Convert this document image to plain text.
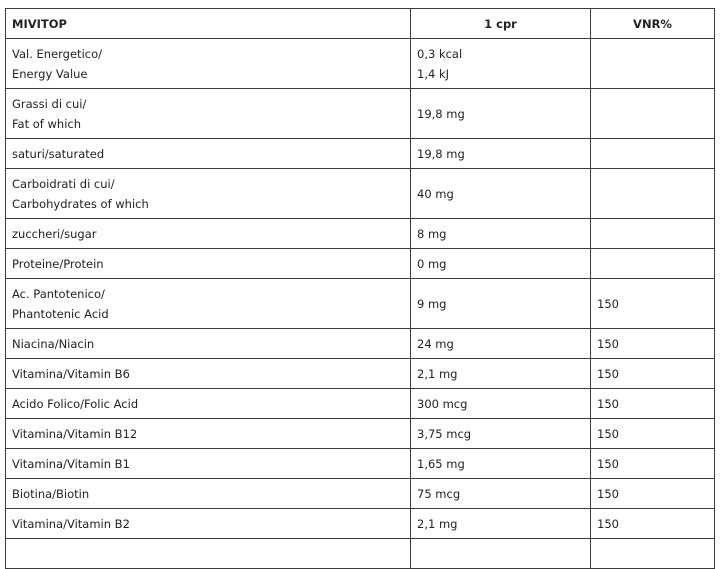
MIVITOP	1 cpr	VNR%

Val. Energetico/
Energy Value	0,3 kcal
1,4 kJ	

Grassi di cui/
Fat of which	19,8 mg	

saturi/saturated	19,8 mg	

Carboidrati di cui/
Carbohydrates of which	40 mg	

zuccheri/sugar	8 mg	

Proteine/Protein	0 mg	

Ac. Pantotenico/
Phantotenic Acid	9 mg	150

Niacina/Niacin	24 mg	150

Vitamina/Vitamin B6	2,1 mg	150

Acido Folico/Folic Acid	300 mcg	150

Vitamina/Vitamin B12	3,75 mcg	150

Vitamina/Vitamin B1	1,65 mg	150

Biotina/Biotin	75 mcg	150

Vitamina/Vitamin B2	2,1 mg	150
